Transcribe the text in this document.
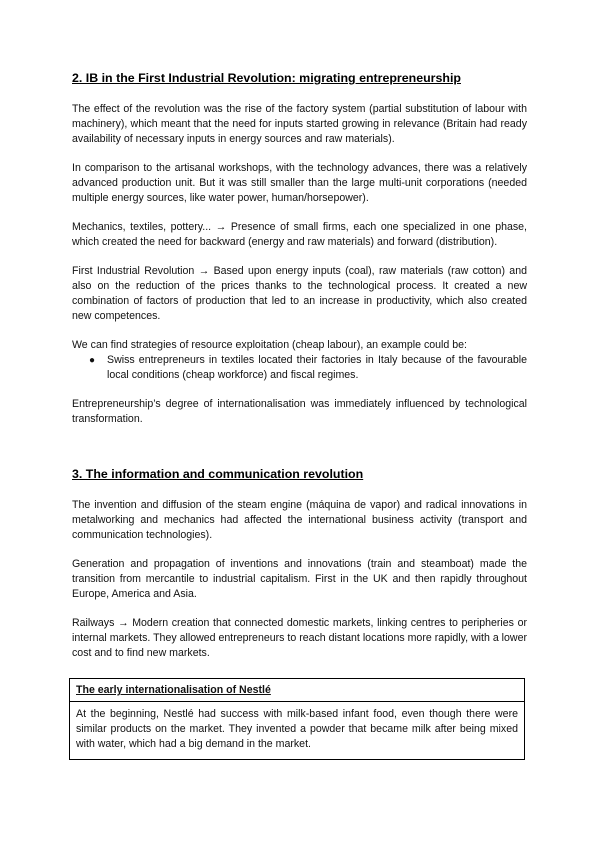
2. IB in the First Industrial Revolution: migrating entrepreneurship

The effect of the revolution was the rise of the factory system (partial substitution of labour with machinery), which meant that the need for inputs started growing in relevance (Britain had ready availability of necessary inputs in energy sources and raw materials).

In comparison to the artisanal workshops, with the technology advances, there was a relatively advanced production unit. But it was still smaller than the large multi-unit corporations (needed multiple energy sources, like water power, human/horsepower).

Mechanics, textiles, pottery... → Presence of small firms, each one specialized in one phase, which created the need for backward (energy and raw materials) and forward (distribution).

First Industrial Revolution → Based upon energy inputs (coal), raw materials (raw cotton) and also on the reduction of the prices thanks to the technological process. It created a new combination of factors of production that led to an increase in productivity, which also created new competences.

We can find strategies of resource exploitation (cheap labour), an example could be:

● Swiss entrepreneurs in textiles located their factories in Italy because of the favourable local conditions (cheap workforce) and fiscal regimes.

Entrepreneurship’s degree of internationalisation was immediately influenced by technological transformation.

3. The information and communication revolution

The invention and diffusion of the steam engine (máquina de vapor) and radical innovations in metalworking and mechanics had affected the international business activity (transport and communication technologies).

Generation and propagation of inventions and innovations (train and steamboat) made the transition from mercantile to industrial capitalism. First in the UK and then rapidly throughout Europe, America and Asia.

Railways → Modern creation that connected domestic markets, linking centres to peripheries or internal markets. They allowed entrepreneurs to reach distant locations more rapidly, with a lower cost and to find new markets.

The early internationalisation of Nestlé

At the beginning, Nestlé had success with milk-based infant food, even though there were similar products on the market. They invented a powder that became milk after being mixed with water, which had a big demand in the market.
